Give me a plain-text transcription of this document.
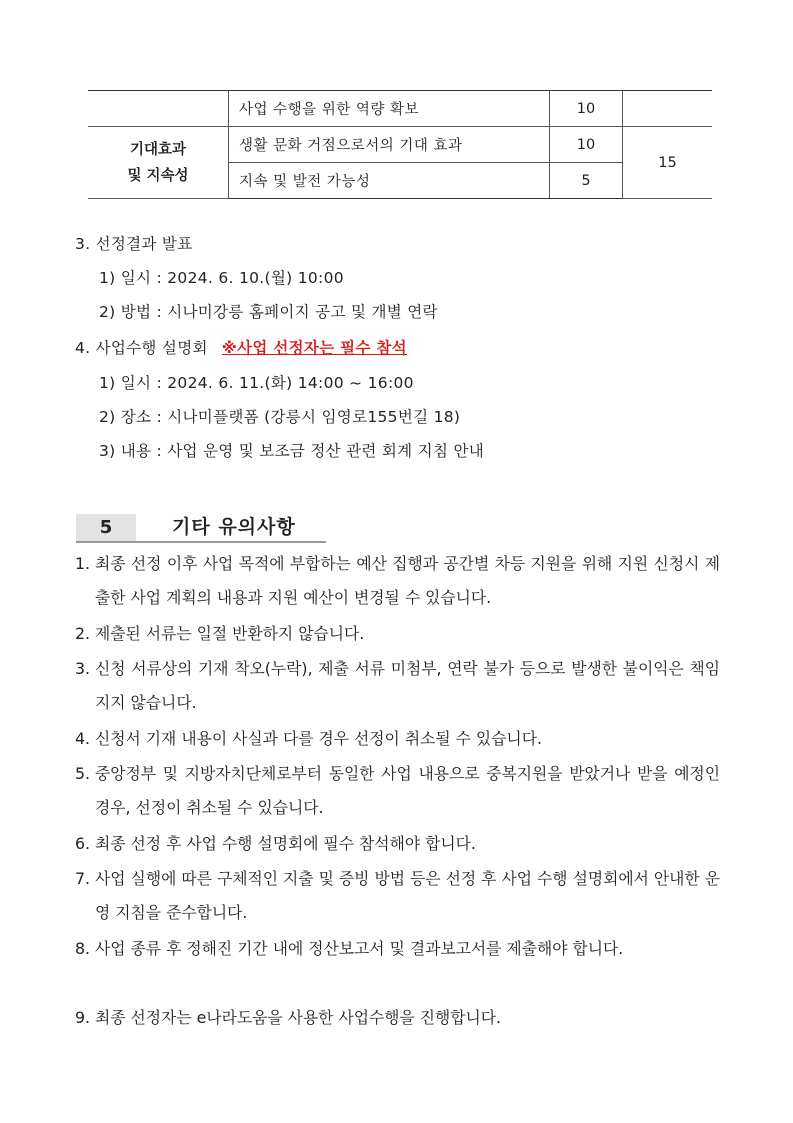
	사업 수행을 위한 역량 확보	10	

기대효과
및 지속성	생활 문화 거점으로서의 기대 효과	10	15
	지속 및 발전 가능성	5	
3. 선정결과 발표
1) 일시 : 2024. 6. 10.(월) 10:00
2) 방법 : 시나미강릉 홈페이지 공고 및 개별 연락
4. 사업수행 설명회 ※사업 선정자는 필수 참석
1) 일시 : 2024. 6. 11.(화) 14:00 ~ 16:00
2) 장소 : 시나미플랫폼 (강릉시 임영로155번길 18)
3) 내용 : 사업 운영 및 보조금 정산 관련 회계 지침 안내
5	기타 유의사항
1. 최종 선정 이후 사업 목적에 부합하는 예산 집행과 공간별 차등 지원을 위해 지원 신청시 제출한 사업 계획의 내용과 지원 예산이 변경될 수 있습니다.
2. 제출된 서류는 일절 반환하지 않습니다.
3. 신청 서류상의 기재 착오(누락), 제출 서류 미첨부, 연락 불가 등으로 발생한 불이익은 책임지지 않습니다.
4. 신청서 기재 내용이 사실과 다를 경우 선정이 취소될 수 있습니다.
5. 중앙정부 및 지방자치단체로부터 동일한 사업 내용으로 중복지원을 받았거나 받을 예정인 경우, 선정이 취소될 수 있습니다.
6. 최종 선정 후 사업 수행 설명회에 필수 참석해야 합니다.
7. 사업 실행에 따른 구체적인 지출 및 증빙 방법 등은 선정 후 사업 수행 설명회에서 안내한 운영 지침을 준수합니다.
8. 사업 종류 후 정해진 기간 내에 정산보고서 및 결과보고서를 제출해야 합니다.
9. 최종 선정자는 e나라도움을 사용한 사업수행을 진행합니다.
